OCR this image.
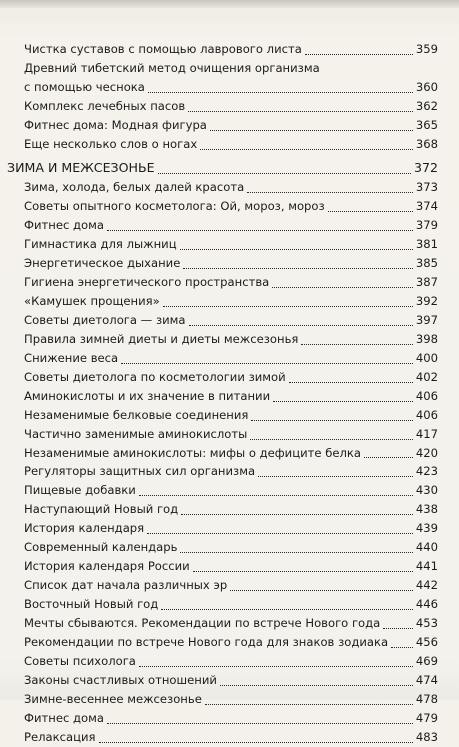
Чистка суставов с помощью лаврового листа	359
Древний тибетский метод очищения организма
с помощью чеснока	360
Комплекс лечебных пасов	362
Фитнес дома: Модная фигура	365
Еще несколько слов о ногах	368
ЗИМА И МЕЖСЕЗОНЬЕ	372
Зима, холода, белых далей красота	373
Советы опытного косметолога: Ой, мороз, мороз	374
Фитнес дома	379
Гимнастика для лыжниц	381
Энергетическое дыхание	385
Гигиена энергетического пространства	387
«Камушек прощения»	392
Советы диетолога — зима	397
Правила зимней диеты и диеты межсезонья	398
Снижение веса	400
Советы диетолога по косметологии зимой	402
Аминокислоты и их значение в питании	406
Незаменимые белковые соединения	406
Частично заменимые аминокислоты	417
Незаменимые аминокислоты: мифы о дефиците белка	420
Регуляторы защитных сил организма	423
Пищевые добавки	430
Наступающий Новый год	438
История календаря	439
Современный календарь	440
История календаря России	441
Список дат начала различных эр	442
Восточный Новый год	446
Мечты сбываются. Рекомендации по встрече Нового года	453
Рекомендации по встрече Нового года для знаков зодиака 456
Советы психолога	469
Законы счастливых отношений	474
Зимне-весеннее межсезонье	478
Фитнес дома	479
Релаксация	483
